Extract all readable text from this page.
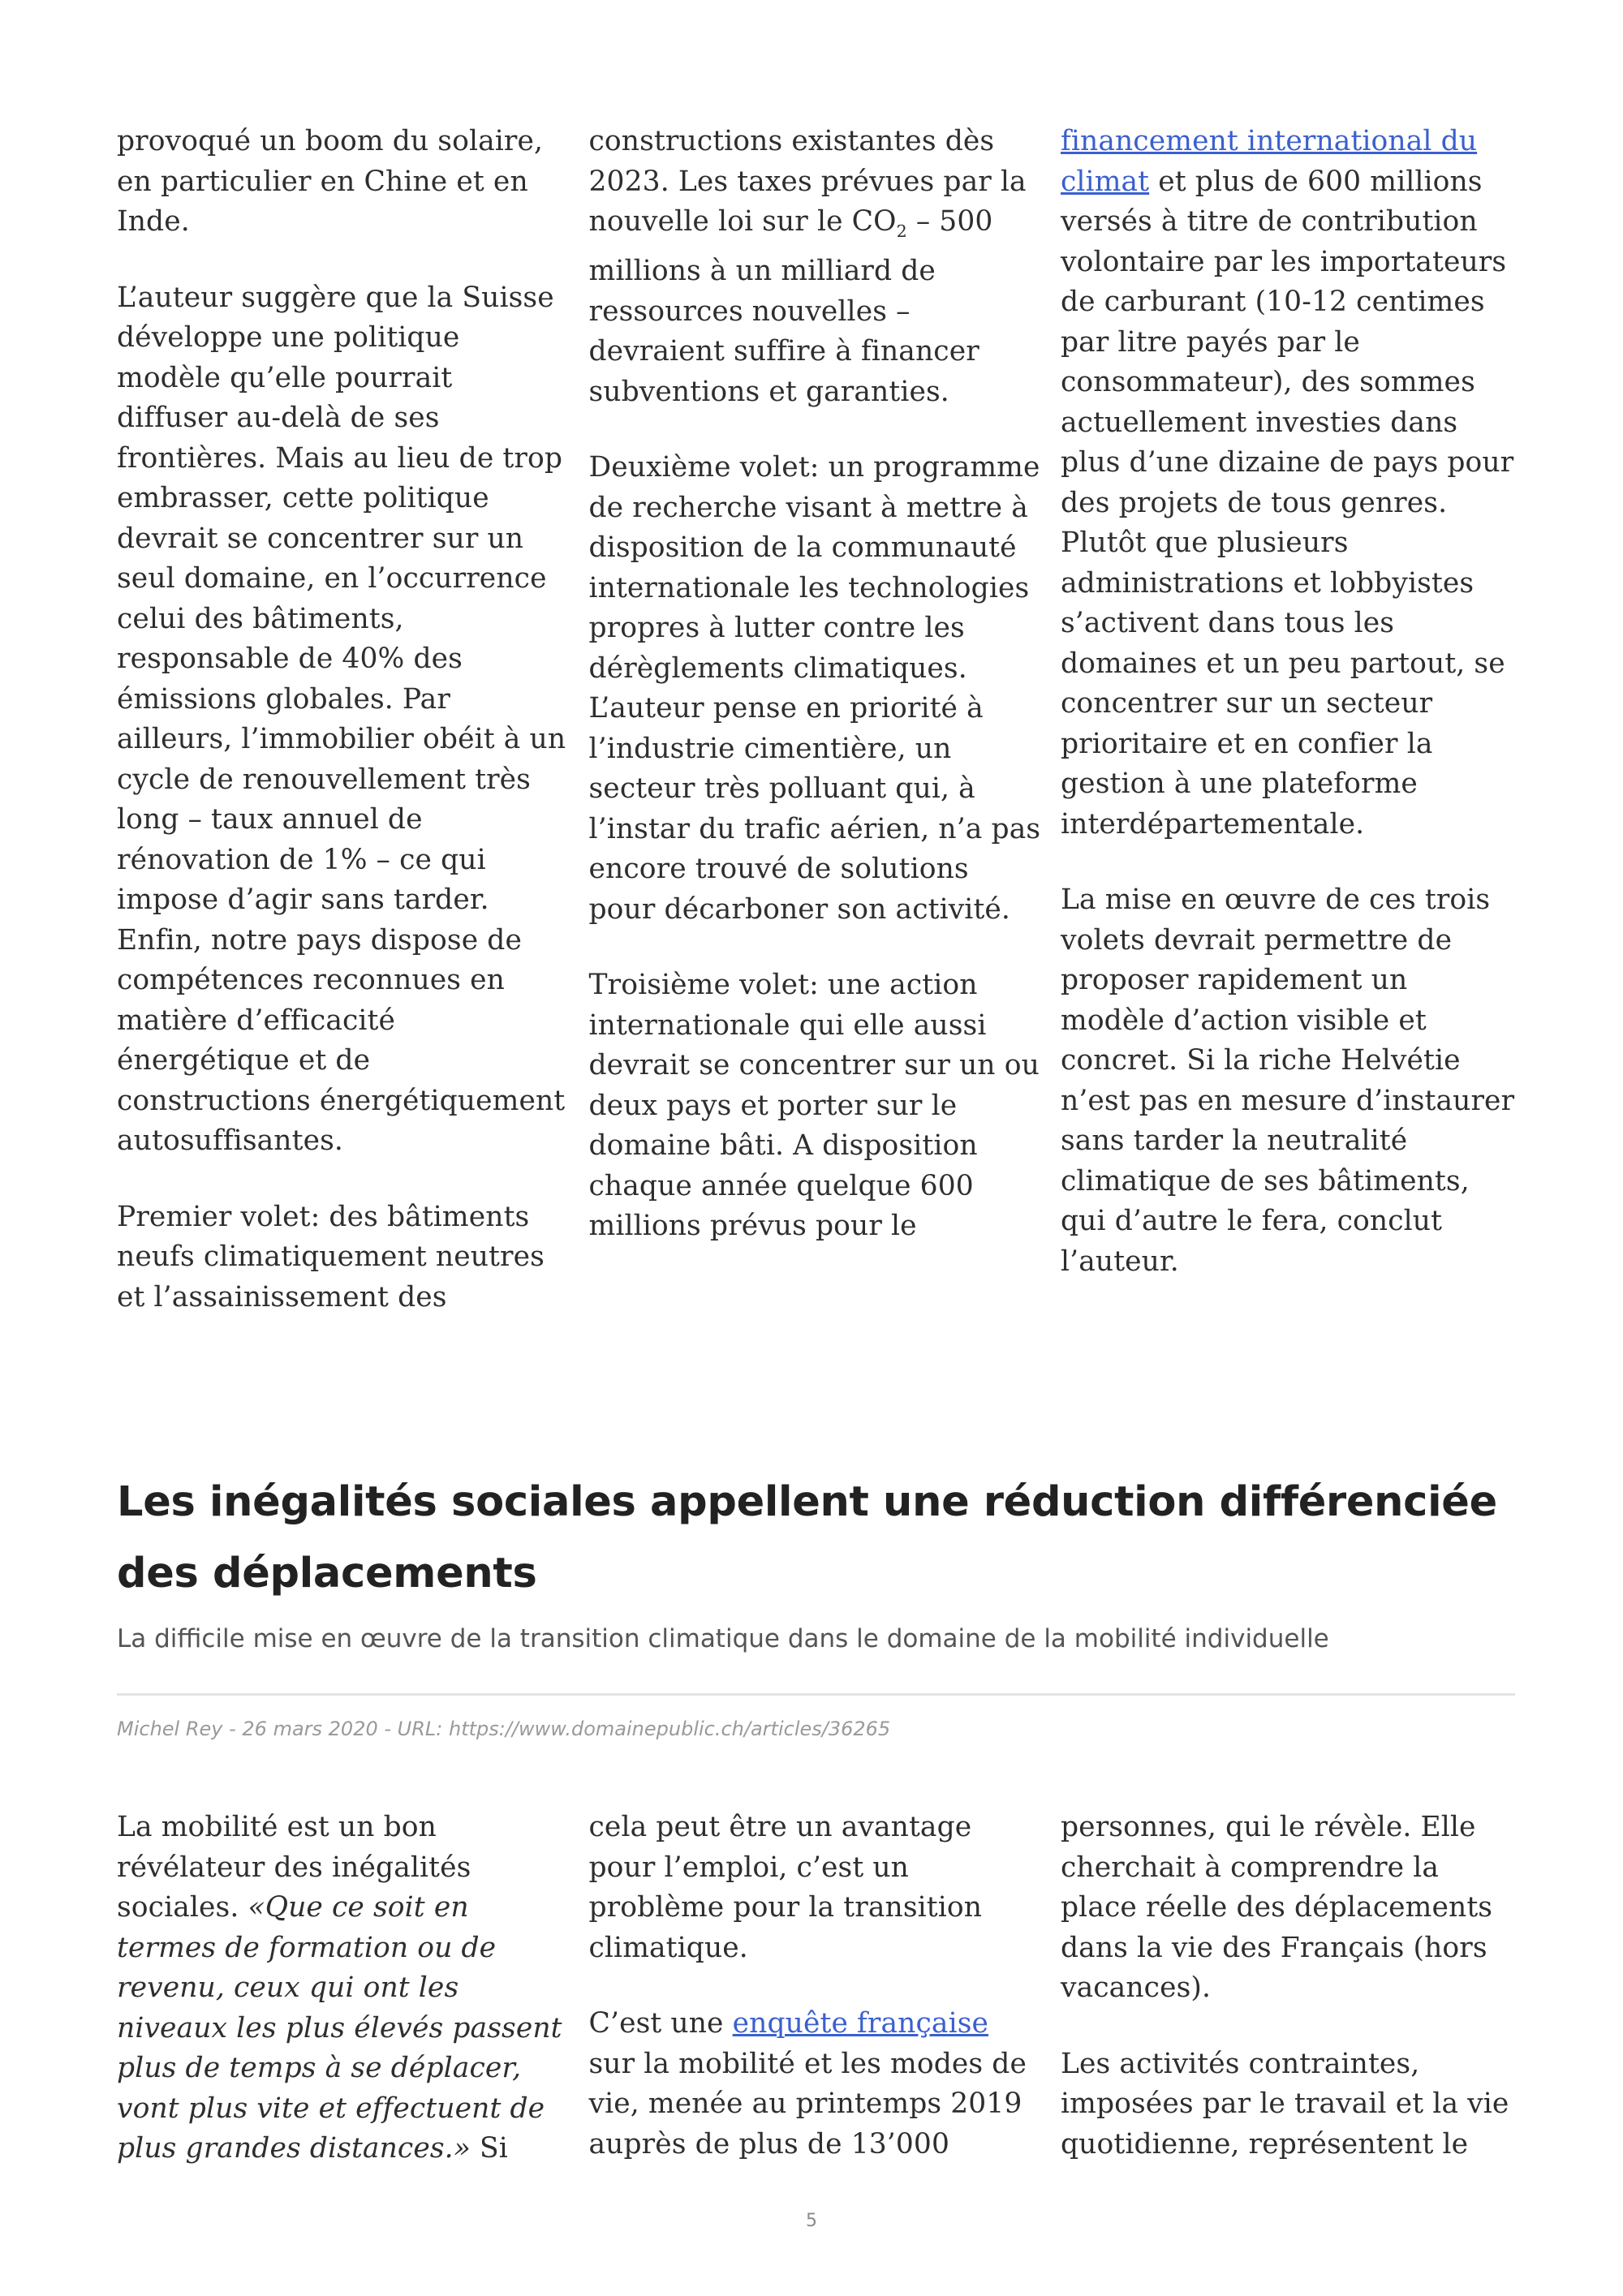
provoqué un boom du solaire, en particulier en Chine et en Inde.

L’auteur suggère que la Suisse développe une politique modèle qu’elle pourrait diffuser au-delà de ses frontières. Mais au lieu de trop embrasser, cette politique devrait se concentrer sur un seul domaine, en l’occurrence celui des bâtiments, responsable de 40% des émissions globales. Par ailleurs, l’immobilier obéit à un cycle de renouvellement très long – taux annuel de rénovation de 1% – ce qui impose d’agir sans tarder. Enfin, notre pays dispose de compétences reconnues en matière d’efficacité énergétique et de constructions énergétiquement autosuffisantes.

Premier volet: des bâtiments neufs climatiquement neutres et l’assainissement des

constructions existantes dès 2023. Les taxes prévues par la nouvelle loi sur le $CO_2 - 500$ millions à un milliard de ressources nouvelles – devraient suffire à financer subventions et garanties.

Deuxième volet: un programme de recherche visant à mettre à disposition de la communauté internationale les technologies propres à lutter contre les dérèglements climatiques. L’auteur pense en priorité à l’industrie cimentière, un secteur très polluant qui, à l’instar du trafic aérien, n’a pas encore trouvé de solutions pour décarboner son activité.

Troisième volet: une action internationale qui elle aussi devrait se concentrer sur un ou deux pays et porter sur le domaine bâti. A disposition chaque année quelque 600 millions prévus pour le

financement international du climat et plus de 600 millions versés à titre de contribution volontaire par les importateurs de carburant (10-12 centimes par litre payés par le consommateur), des sommes actuellement investies dans plus d’une dizaine de pays pour des projets de tous genres. Plutôt que plusieurs administrations et lobbyistes s’activent dans tous les domaines et un peu partout, se concentrer sur un secteur prioritaire et en confier la gestion à une plateforme interdépartementale.

La mise en œuvre de ces trois volets devrait permettre de proposer rapidement un modèle d’action visible et concret. Si la riche Helvétie n’est pas en mesure d’instaurer sans tarder la neutralité climatique de ses bâtiments, qui d’autre le fera, conclut l’auteur.

Les inégalités sociales appellent une réduction différenciée des déplacements

La difficile mise en œuvre de la transition climatique dans le domaine de la mobilité individuelle

Michel Rey - 26 mars 2020 - URL: https://www.domainepublic.ch/articles/36265

La mobilité est un bon révélateur des inégalités sociales. «Que ce soit en termes de formation ou de revenu, ceux qui ont les niveaux les plus élevés passent plus de temps à se déplacer, vont plus vite et effectuent de plus grandes distances.» Si

cela peut être un avantage pour l’emploi, c’est un problème pour la transition climatique.

C’est une enquête française sur la mobilité et les modes de vie, menée au printemps 2019 auprès de plus de 13’000

personnes, qui le révèle. Elle cherchait à comprendre la place réelle des déplacements dans la vie des Français (hors vacances).

Les activités contraintes, imposées par le travail et la vie quotidienne, représentent le

5
